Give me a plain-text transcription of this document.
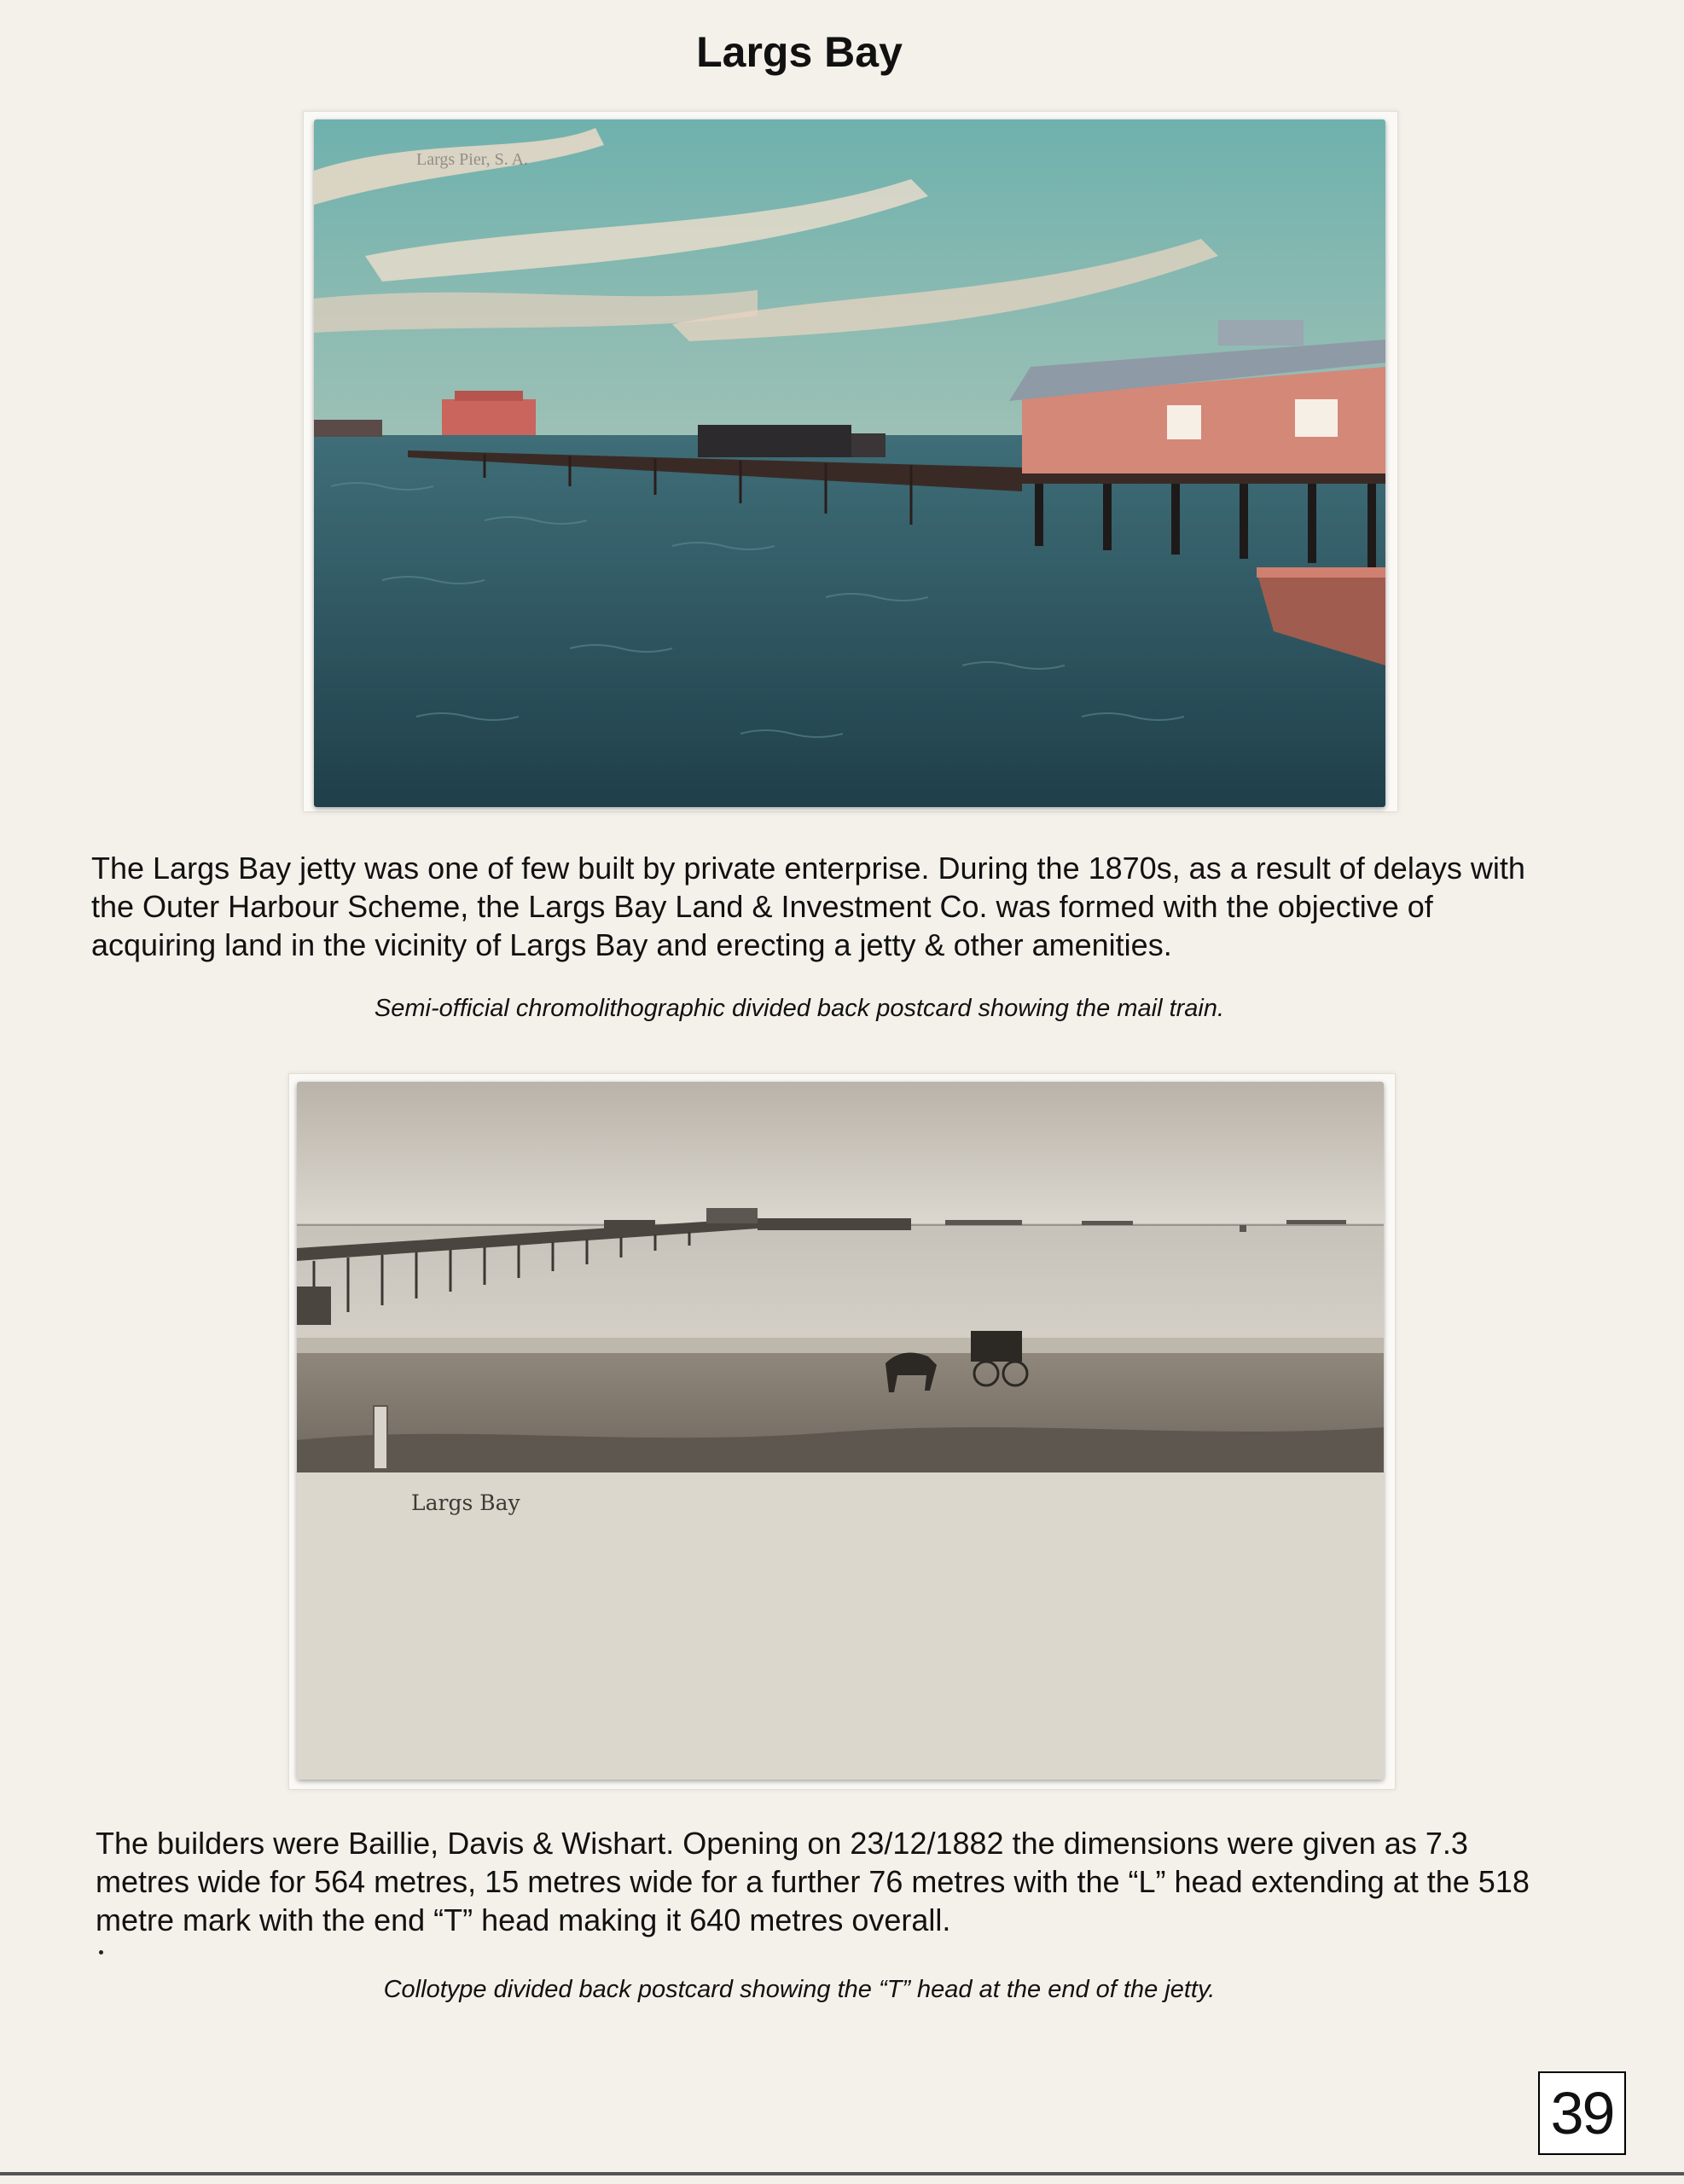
Largs Bay
Largs Pier, S. A.
The Largs Bay jetty was one of few built by private enterprise. During the 1870s, as a result of delays with the Outer Harbour Scheme, the Largs Bay Land & Investment Co. was formed with the objective of acquiring land in the vicinity of Largs Bay and erecting a jetty & other amenities.
Semi-official chromolithographic divided back postcard showing the mail train.
Largs Bay
The builders were Baillie, Davis & Wishart. Opening on 23/12/1882 the dimensions were given as 7.3 metres wide for 564 metres, 15 metres wide for a further 76 metres with the “L” head extending at the 518 metre mark with the end “T” head making it 640 metres overall.
Collotype divided back postcard showing the “T” head at the end of the jetty.
39
